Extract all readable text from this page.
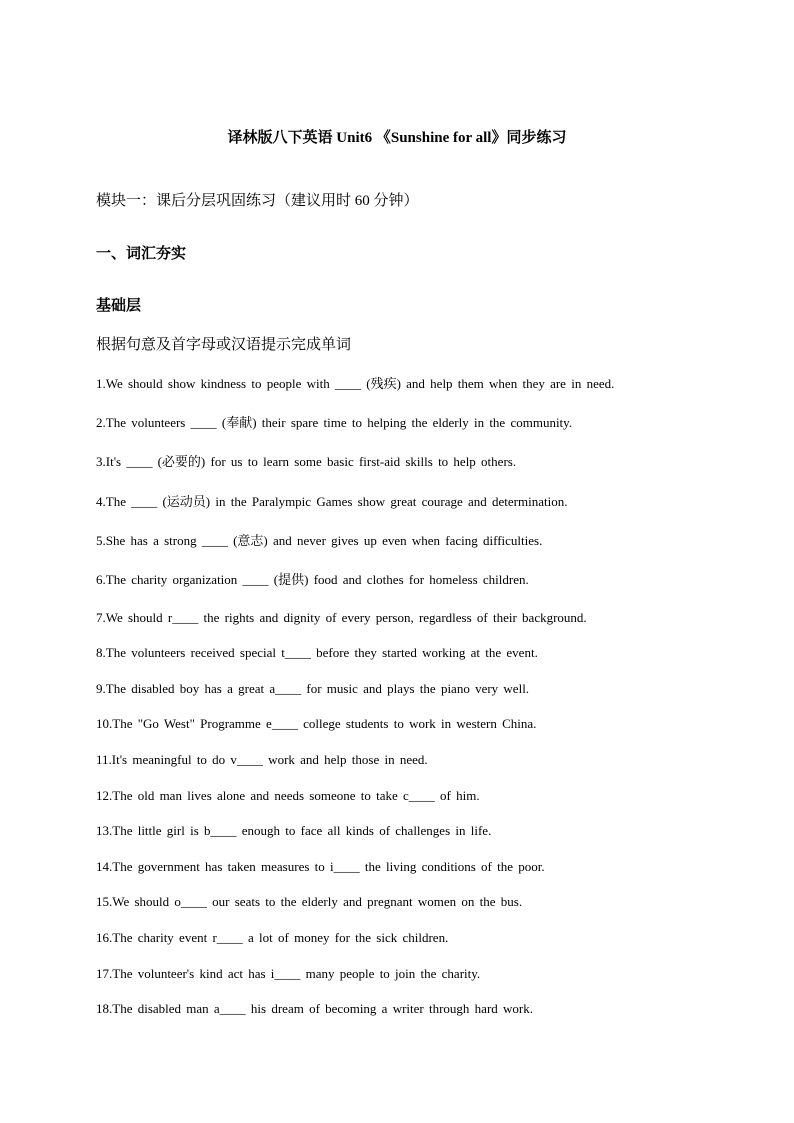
译林版八下英语 Unit6 《Sunshine for all》同步练习
模块一：课后分层巩固练习（建议用时 60 分钟）
一、词汇夯实
基础层
根据句意及首字母或汉语提示完成单词
1.We should show kindness to people with ____ (残疾) and help them when they are in need.
2.The volunteers ____ (奉献) their spare time to helping the elderly in the community.
3.It's ____ (必要的) for us to learn some basic first-aid skills to help others.
4.The ____ (运动员) in the Paralympic Games show great courage and determination.
5.She has a strong ____ (意志) and never gives up even when facing difficulties.
6.The charity organization ____ (提供) food and clothes for homeless children.
7.We should r____ the rights and dignity of every person, regardless of their background.
8.The volunteers received special t____ before they started working at the event.
9.The disabled boy has a great a____ for music and plays the piano very well.
10.The "Go West" Programme e____ college students to work in western China.
11.It's meaningful to do v____ work and help those in need.
12.The old man lives alone and needs someone to take c____ of him.
13.The little girl is b____ enough to face all kinds of challenges in life.
14.The government has taken measures to i____ the living conditions of the poor.
15.We should o____ our seats to the elderly and pregnant women on the bus.
16.The charity event r____ a lot of money for the sick children.
17.The volunteer's kind act has i____ many people to join the charity.
18.The disabled man a____ his dream of becoming a writer through hard work.
